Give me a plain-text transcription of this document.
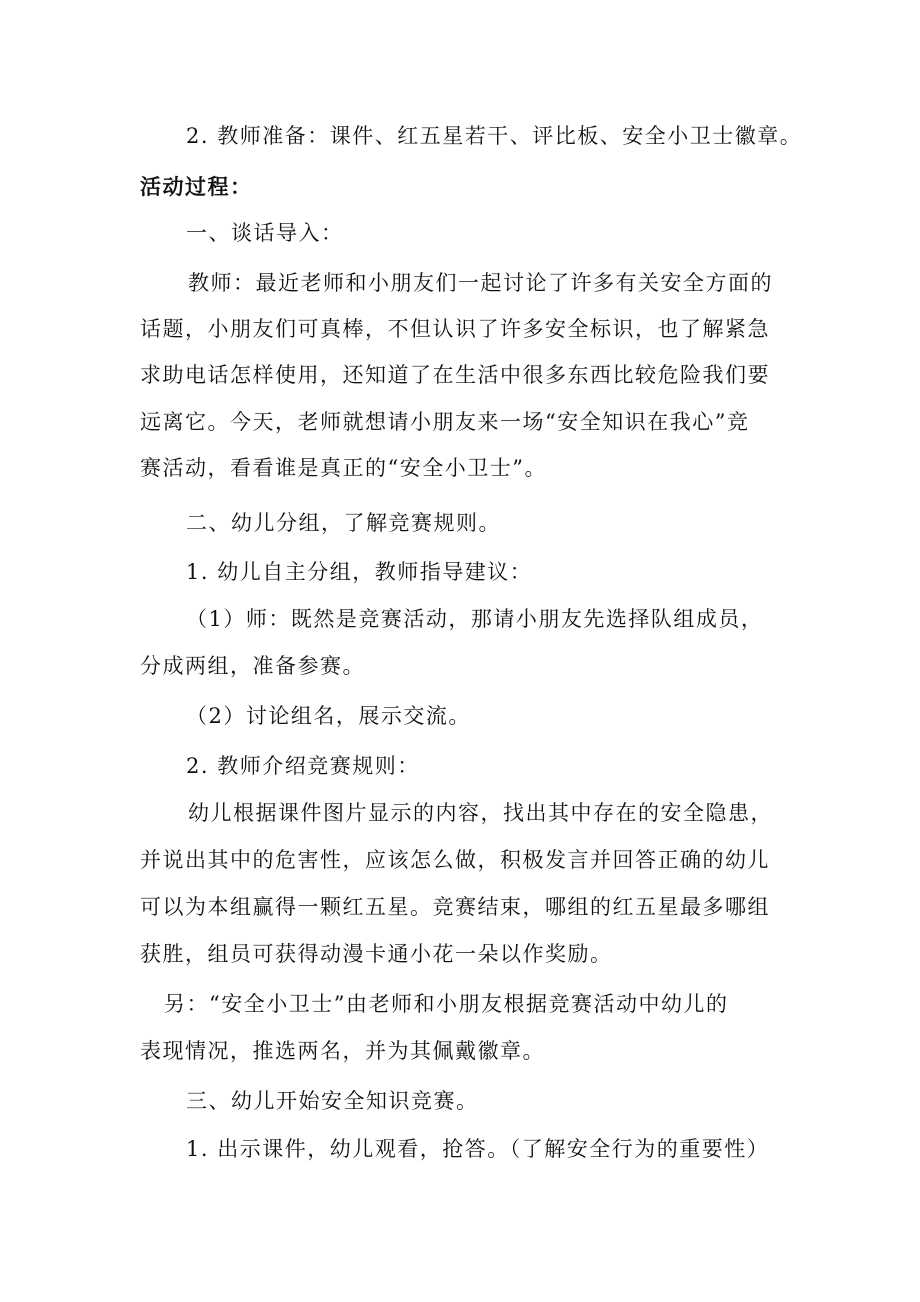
2. 教师准备：课件、红五星若干、评比板、安全小卫士徽章。
活动过程：
一、谈话导入：
教师：最近老师和小朋友们一起讨论了许多有关安全方面的
话题，小朋友们可真棒，不但认识了许多安全标识，也了解紧急
求助电话怎样使用，还知道了在生活中很多东西比较危险我们要
远离它。今天，老师就想请小朋友来一场“安全知识在我心”竞
赛活动，看看谁是真正的“安全小卫士”。
二、幼儿分组，了解竞赛规则。
1. 幼儿自主分组，教师指导建议：
（1）师：既然是竞赛活动，那请小朋友先选择队组成员，
分成两组，准备参赛。
（2）讨论组名，展示交流。
2. 教师介绍竞赛规则：
幼儿根据课件图片显示的内容，找出其中存在的安全隐患，
并说出其中的危害性，应该怎么做，积极发言并回答正确的幼儿
可以为本组赢得一颗红五星。竞赛结束，哪组的红五星最多哪组
获胜，组员可获得动漫卡通小花一朵以作奖励。
另：“安全小卫士”由老师和小朋友根据竞赛活动中幼儿的
表现情况，推选两名，并为其佩戴徽章。
三、幼儿开始安全知识竞赛。
1. 出示课件，幼儿观看，抢答。（了解安全行为的重要性）
